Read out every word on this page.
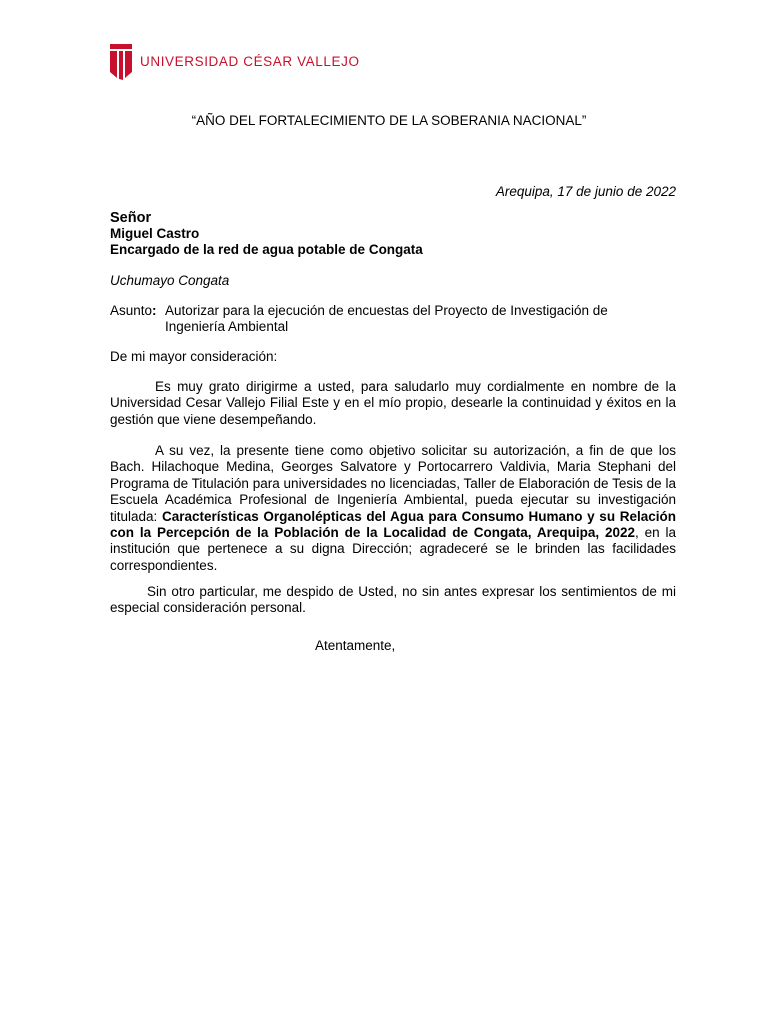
UNIVERSIDAD CÉSAR VALLEJO
“AÑO DEL FORTALECIMIENTO DE LA SOBERANIA NACIONAL”
Arequipa, 17 de junio de 2022
Señor
Miguel Castro
Encargado de la red de agua potable de Congata
Uchumayo Congata
Asunto: Autorizar para la ejecución de encuestas del Proyecto de Investigación de Ingeniería Ambiental
De mi mayor consideración:
Es muy grato dirigirme a usted, para saludarlo muy cordialmente en nombre de la Universidad Cesar Vallejo Filial Este y en el mío propio, desearle la continuidad y éxitos en la gestión que viene desempeñando.
A su vez, la presente tiene como objetivo solicitar su autorización, a fin de que los Bach. Hilachoque Medina, Georges Salvatore y Portocarrero Valdivia, Maria Stephani del Programa de Titulación para universidades no licenciadas, Taller de Elaboración de Tesis de la Escuela Académica Profesional de Ingeniería Ambiental, pueda ejecutar su investigación titulada: Características Organolépticas del Agua para Consumo Humano y su Relación con la Percepción de la Población de la Localidad de Congata, Arequipa, 2022, en la institución que pertenece a su digna Dirección; agradeceré se le brinden las facilidades correspondientes.
Sin otro particular, me despido de Usted, no sin antes expresar los sentimientos de mi especial consideración personal.
Atentamente,
